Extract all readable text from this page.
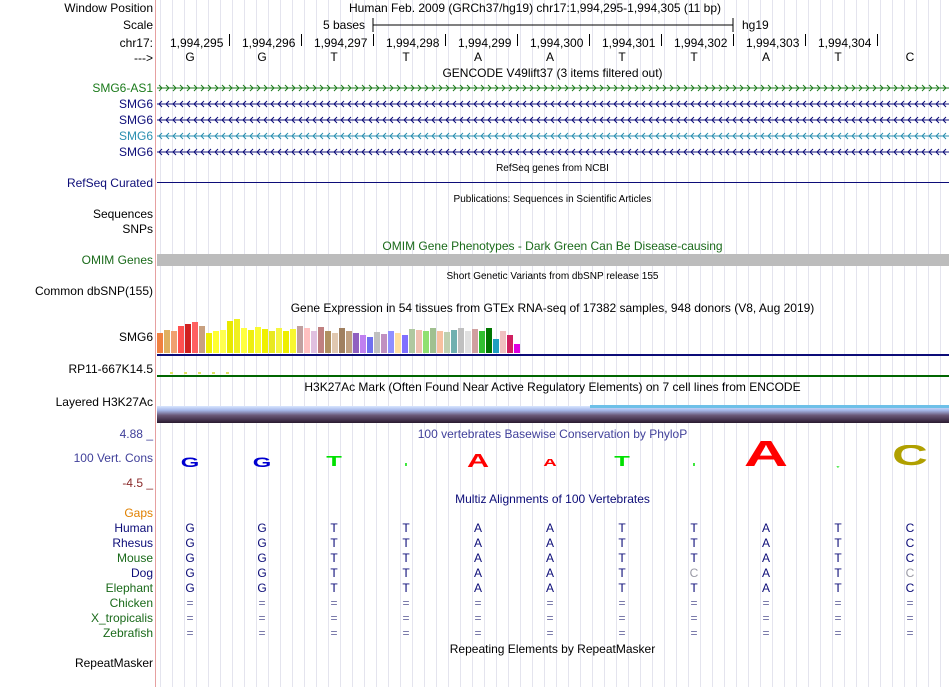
Window Position
Scale
chr17:
--->
Human Feb. 2009 (GRCh37/hg19) chr17:1,994,295-1,994,305 (11 bp)
5 bases	hg19
1,994,295 1,994,296 1,994,297 1,994,298 1,994,299 1,994,300 1,994,301 1,994,302 1,994,303 1,994,304
G	G	T	T	A	A	T	T	A	T	C
GENCODE V49lift37 (3 items filtered out)
SMG6-AS1
SMG6
SMG6
SMG6
SMG6
RefSeq genes from NCBI
RefSeq Curated
Publications: Sequences in Scientific Articles
Sequences
SNPs
OMIM Gene Phenotypes - Dark Green Can Be Disease-causing
OMIM Genes
Short Genetic Variants from dbSNP release 155
Common dbSNP(155)
Gene Expression in 54 tissues from GTEx RNA-seq of 17382 samples, 948 donors (V8, Aug 2019)
SMG6
RP11-667K14.5
H3K27Ac Mark (Often Found Near Active Regulatory Elements) on 7 cell lines from ENCODE
Layered H3K27Ac
100 vertebrates Basewise Conservation by PhyloP
4.88 _
100 Vert. Cons
-4.5 _
G	G	T	T	A	A	T	T	A	T	C
Multiz Alignments of 100 Vertebrates
Gaps
Human	G	G	T	T	A	A	T	T	A	T	C
Rhesus	G	G	T	T	A	A	T	T	A	T	C
Mouse	G	G	T	T	A	A	T	T	A	T	C
Dog	G	G	T	T	A	A	T	C	A	T	C
Elephant	G	G	T	T	A	A	T	T	A	T	C
Chicken	=	=	=	=	=	=	=	=	=	=	=
X_tropicalis	=	=	=	=	=	=	=	=	=	=	=
Zebrafish	=	=	=	=	=	=	=	=	=	=	=
Repeating Elements by RepeatMasker
RepeatMasker
